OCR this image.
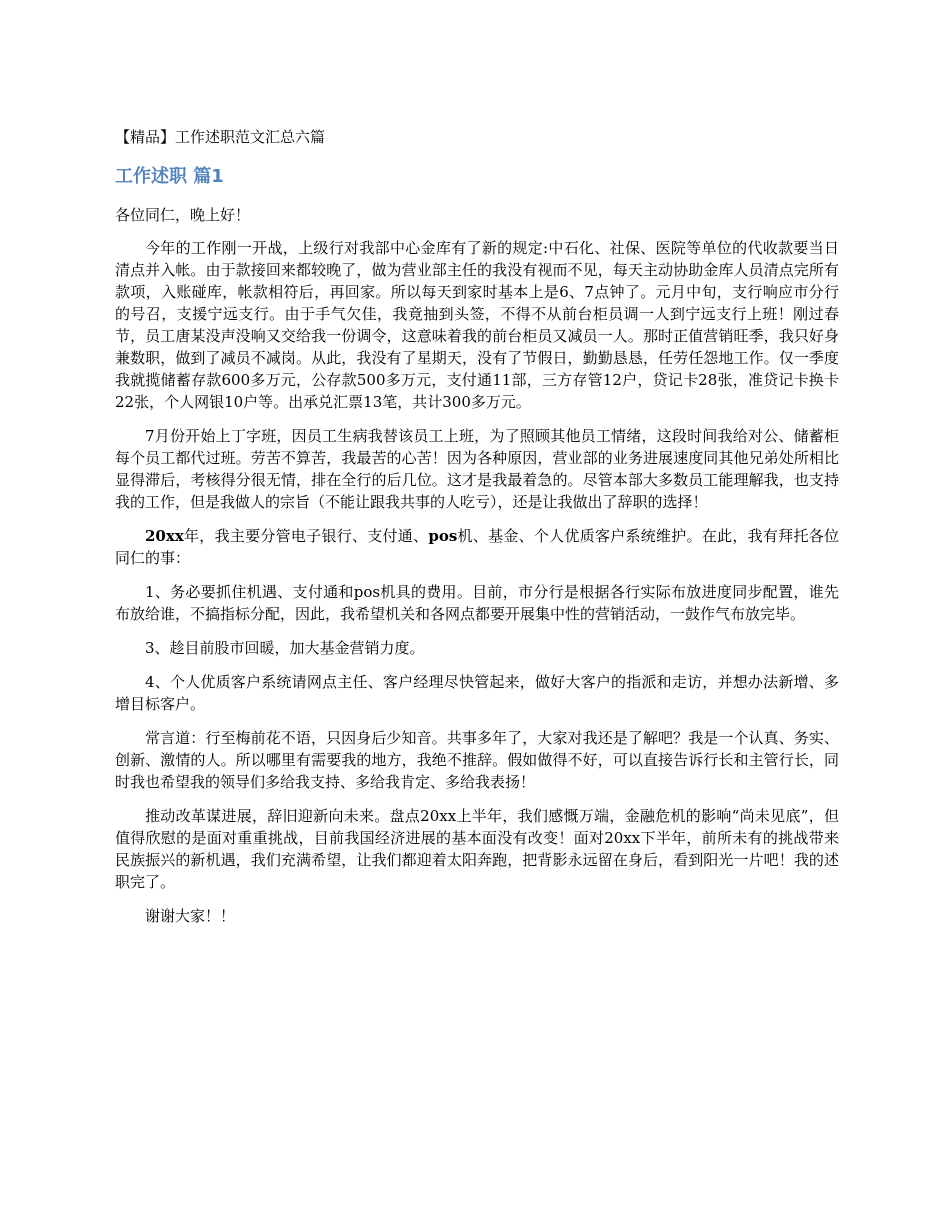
【精品】工作述职范文汇总六篇
工作述职 篇1

各位同仁，晚上好！

今年的工作刚一开战，上级行对我部中心金库有了新的规定:中石化、社保、医院等单位的代收款要当日清点并入帐。由于款接回来都较晚了，做为营业部主任的我没有视而不见，每天主动协助金库人员清点完所有款项，入账碰库，帐款相符后，再回家。所以每天到家时基本上是6、7点钟了。元月中旬，支行响应市分行的号召，支援宁远支行。由于手气欠佳，我竟抽到头签，不得不从前台柜员调一人到宁远支行上班！刚过春节，员工唐某没声没响又交给我一份调令，这意味着我的前台柜员又减员一人。那时正值营销旺季，我只好身兼数职，做到了减员不减岗。从此，我没有了星期天，没有了节假日，勤勤恳恳，任劳任怨地工作。仅一季度我就揽储蓄存款600多万元，公存款500多万元，支付通11部，三方存管12户，贷记卡28张，准贷记卡换卡22张，个人网银10户等。出承兑汇票13笔，共计300多万元。

7月份开始上丁字班，因员工生病我替该员工上班，为了照顾其他员工情绪，这段时间我给对公、储蓄柜每个员工都代过班。劳苦不算苦，我最苦的心苦！因为各种原因，营业部的业务进展速度同其他兄弟处所相比显得滞后，考核得分很无情，排在全行的后几位。这才是我最着急的。尽管本部大多数员工能理解我，也支持我的工作，但是我做人的宗旨（不能让跟我共事的人吃亏），还是让我做出了辞职的选择！

20xx年，我主要分管电子银行、支付通、pos机、基金、个人优质客户系统维护。在此，我有拜托各位同仁的事：

1、务必要抓住机遇、支付通和pos机具的费用。目前，市分行是根据各行实际布放进度同步配置，谁先布放给谁，不搞指标分配，因此，我希望机关和各网点都要开展集中性的营销活动，一鼓作气布放完毕。

3、趁目前股市回暖，加大基金营销力度。

4、个人优质客户系统请网点主任、客户经理尽快管起来，做好大客户的指派和走访，并想办法新增、多增目标客户。

常言道：行至梅前花不语，只因身后少知音。共事多年了，大家对我还是了解吧？我是一个认真、务实、创新、激情的人。所以哪里有需要我的地方，我绝不推辞。假如做得不好，可以直接告诉行长和主管行长，同时我也希望我的领导们多给我支持、多给我肯定、多给我表扬！

推动改革谋进展，辞旧迎新向未来。盘点20xx上半年，我们感慨万端，金融危机的影响“尚未见底”，但值得欣慰的是面对重重挑战，目前我国经济进展的基本面没有改变！面对20xx下半年，前所未有的挑战带来民族振兴的新机遇，我们充满希望，让我们都迎着太阳奔跑，把背影永远留在身后，看到阳光一片吧！我的述职完了。

谢谢大家！！
